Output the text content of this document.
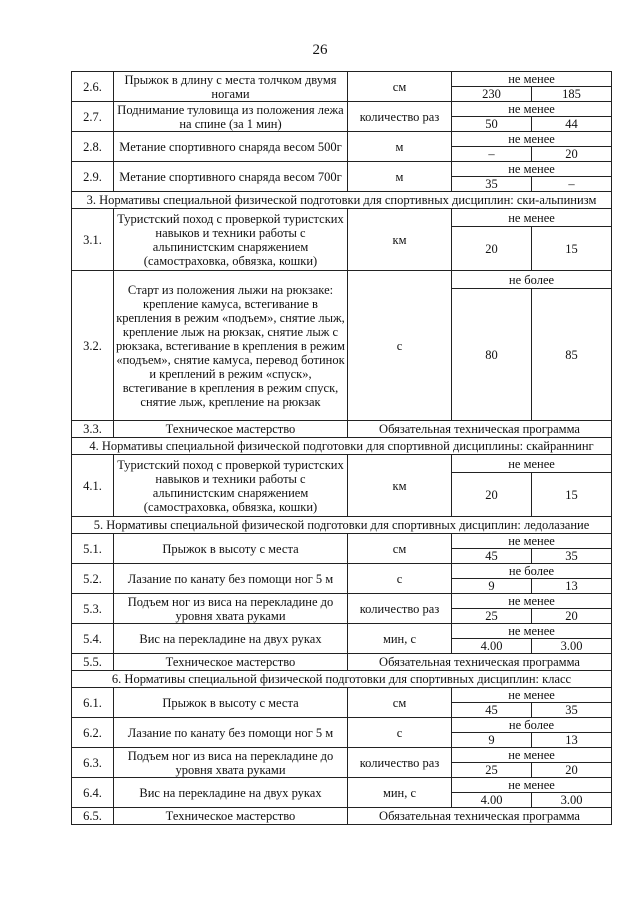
26
2.6.	Прыжок в длину с места толчком двумя ногами	см	не менее	
			230	185
2.7.	Поднимание туловища из положения лежа на спине (за 1 мин)	количество раз	не менее	
			50	44
2.8.	Метание спортивного снаряда весом 500г	м	не менее	
			–	20
2.9.	Метание спортивного снаряда весом 700г	м	не менее	
			35	–
3. Нормативы специальной физической подготовки для спортивных дисциплин: ски-альпинизм				
3.1.	Туристский поход с проверкой туристских навыков и техники работы с альпинистским снаряжением (самостраховка, обвязка, кошки)	км	не менее	
			20	15
3.2.	Старт из положения лыжи на рюкзаке: крепление камуса, встегивание в крепления в режим «подъем», снятие лыж, крепление лыж на рюкзак, снятие лыж с рюкзака, встегивание в крепления в режим «подъем», снятие камуса, перевод ботинок и креплений в режим «спуск», встегивание в крепления в режим спуск, снятие лыж, крепление на рюкзак	с	не более	
			80	85
3.3.	Техническое мастерство	Обязательная техническая программа		
4. Нормативы специальной физической подготовки для спортивной дисциплины: скайраннинг				
4.1.	Туристский поход с проверкой туристских навыков и техники работы с альпинистским снаряжением (самостраховка, обвязка, кошки)	км	не менее	
			20	15
5. Нормативы специальной физической подготовки для спортивных дисциплин: ледолазание				
5.1.	Прыжок в высоту с места	см	не менее	
			45	35
5.2.	Лазание по канату без помощи ног 5 м	с	не более	
			9	13
5.3.	Подъем ног из виса на перекладине до уровня хвата руками	количество раз	не менее	
			25	20
5.4.	Вис на перекладине на двух руках	мин, с	не менее	
			4.00	3.00
5.5.	Техническое мастерство	Обязательная техническая программа		
6. Нормативы специальной физической подготовки для спортивных дисциплин: класс				
6.1.	Прыжок в высоту с места	см	не менее	
			45	35
6.2.	Лазание по канату без помощи ног 5 м	с	не более	
			9	13
6.3.	Подъем ног из виса на перекладине до уровня хвата руками	количество раз	не менее	
			25	20
6.4.	Вис на перекладине на двух руках	мин, с	не менее	
			4.00	3.00
6.5.	Техническое мастерство	Обязательная техническая программа		
